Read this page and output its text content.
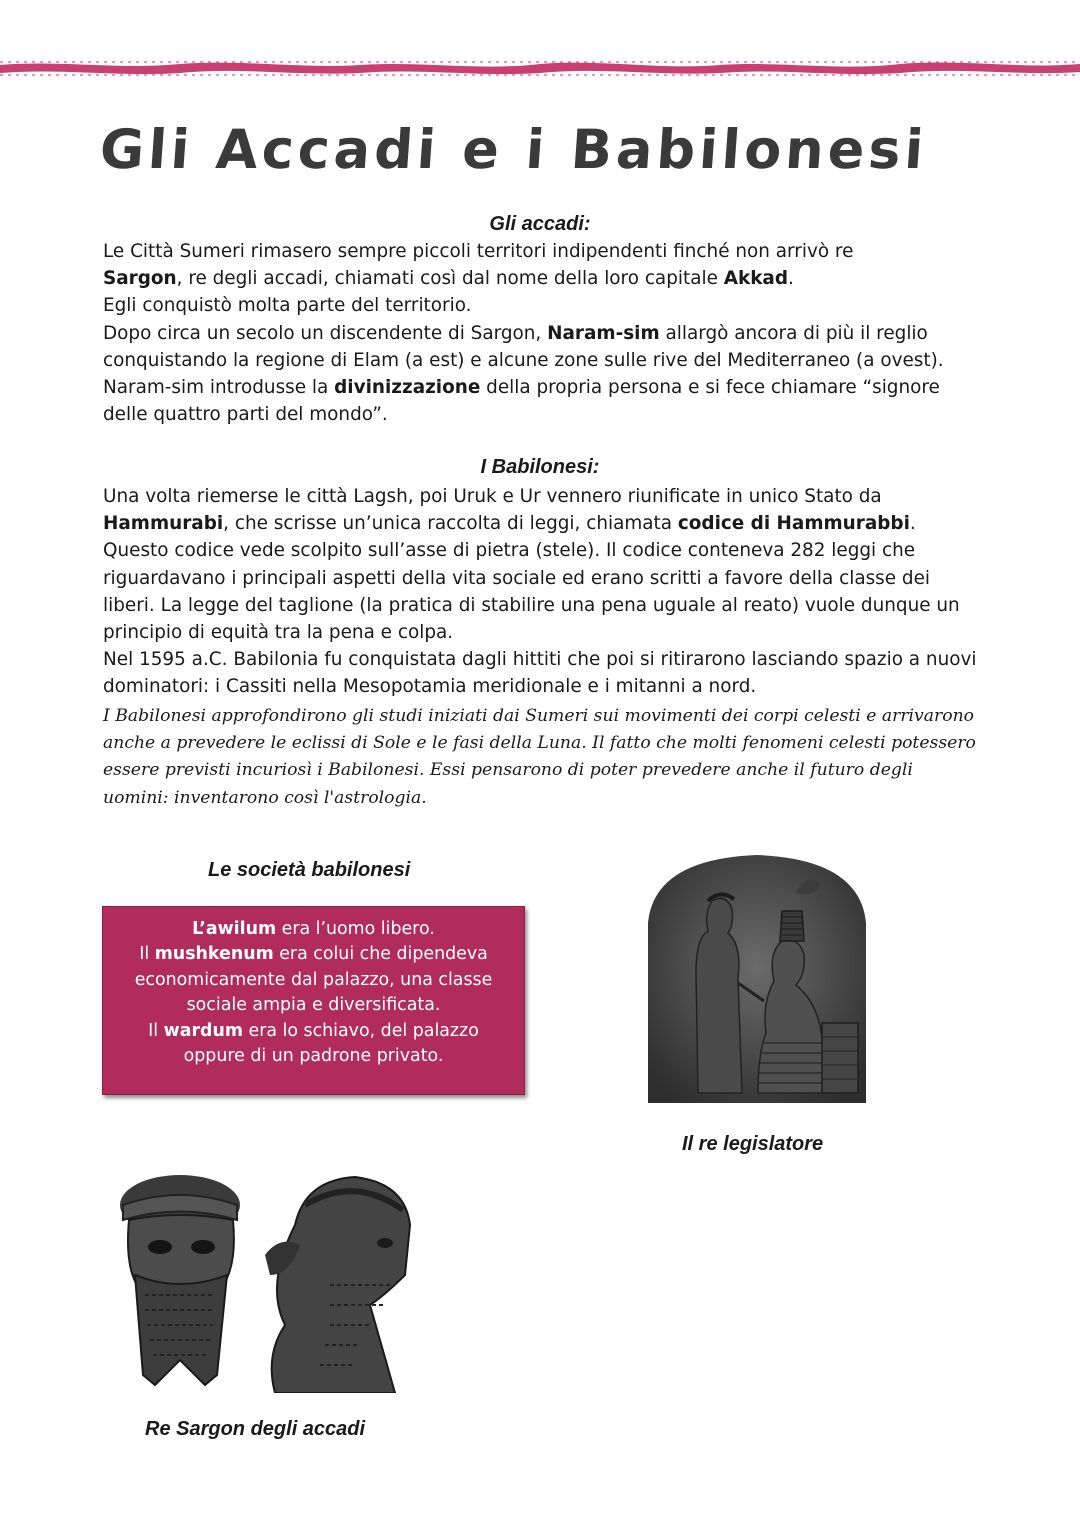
Gli Accadi e i Babilonesi
Gli accadi:

Le Città Sumeri rimasero sempre piccoli territori indipendenti finché non arrivò re
Sargon, re degli accadi, chiamati così dal nome della loro capitale Akkad.

Egli conquistò molta parte del territorio.

Dopo circa un secolo un discendente di Sargon, Naram-sim allargò ancora di più il reglio conquistando la regione di Elam (a est) e alcune zone sulle rive del Mediterraneo (a ovest). Naram-sim introdusse la divinizzazione della propria persona e si fece chiamare “signore delle quattro parti del mondo”.

I Babilonesi:

Una volta riemerse le città Lagsh, poi Uruk e Ur vennero riunificate in unico Stato da Hammurabi, che scrisse un’unica raccolta di leggi, chiamata codice di Hammurabbi.

Questo codice vede scolpito sull’asse di pietra (stele). Il codice conteneva 282 leggi che riguardavano i principali aspetti della vita sociale ed erano scritti a favore della classe dei liberi. La legge del taglione (la pratica di stabilire una pena uguale al reato) vuole dunque un principio di equità tra la pena e colpa.

Nel 1595 a.C. Babilonia fu conquistata dagli hittiti che poi si ritirarono lasciando spazio a nuovi dominatori: i Cassiti nella Mesopotamia meridionale e i mitanni a nord.

I Babilonesi approfondirono gli studi iniziati dai Sumeri sui movimenti dei corpi celesti e arrivarono anche a prevedere le eclissi di Sole e le fasi della Luna. Il fatto che molti fenomeni celesti potessero essere previsti incuriosì i Babilonesi. Essi pensarono di poter prevedere anche il futuro degli uomini: inventarono così l'astrologia.

Le società babilonesi

L’awilum era l’uomo libero.

Il mushkenum era colui che dipendeva

economicamente dal palazzo, una classe

sociale ampia e diversificata.

Il wardum era lo schiavo, del palazzo

oppure di un padrone privato.

Il re legislatore

Re Sargon degli accadi
